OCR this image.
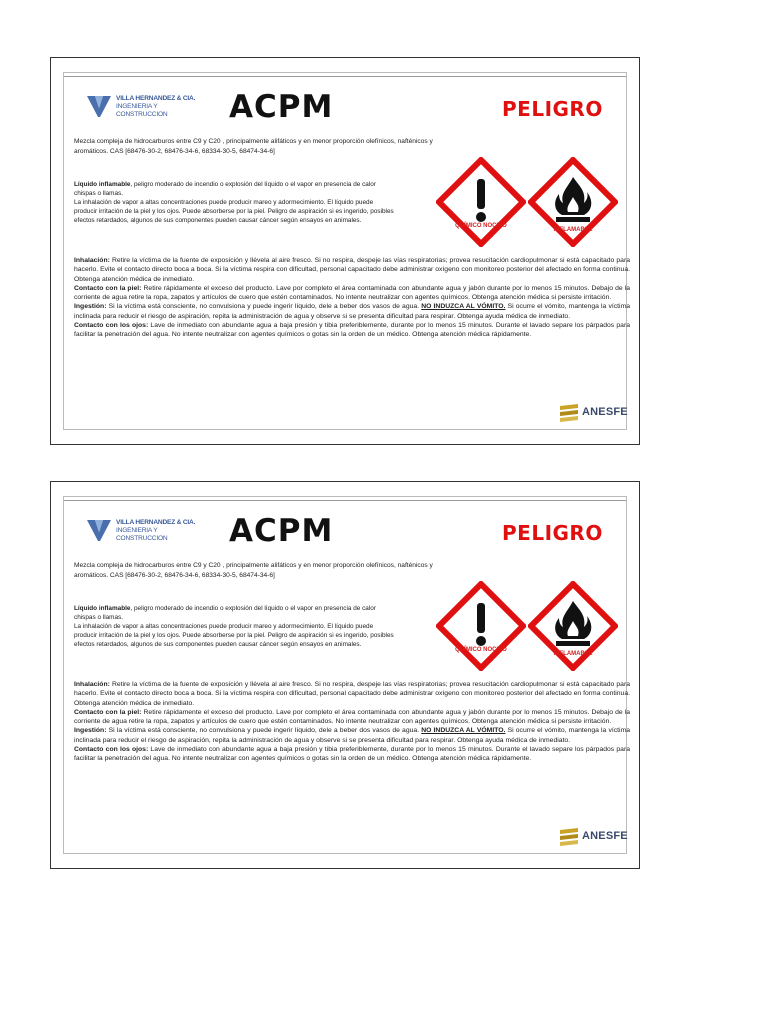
VILLA HERNANDEZ & CIA.
INGENIERIA Y CONSTRUCCION	ACPM	PELIGRO
Mezcla compleja de hidrocarburos entre C9 y C20 , principalmente alifáticos y en menor proporción olefínicos, nafténicos y aromáticos. CAS [68476-30-2, 68476-34-6, 68334-30-5, 68474-34-6]
Líquido inflamable, peligro moderado de incendio o explosión del líquido o el vapor en presencia de calor chispas o llamas.
La inhalación de vapor a altas concentraciones puede producir mareo y adormecimiento. El líquido puede producir irritación de la piel y los ojos. Puede absorberse por la piel. Peligro de aspiración si es ingerido, posibles efectos retardados, algunos de sus componentes pueden causar cáncer según ensayos en animales.
QUÍMICO NOCIVO
INFLAMABLE

Inhalación: Retire la víctima de la fuente de exposición y llévela al aire fresco. Si no respira, despeje las vías respiratorias; provea resucitación cardiopulmonar si está capacitado para hacerlo. Evite el contacto directo boca a boca. Si la víctima respira con dificultad, personal capacitado debe administrar oxígeno con monitoreo posterior del afectado en forma continua. Obtenga atención médica de inmediato.

Contacto con la piel: Retire rápidamente el exceso del producto. Lave por completo el área contaminada con abundante agua y jabón durante por lo menos 15 minutos. Debajo de la corriente de agua retire la ropa, zapatos y artículos de cuero que estén contaminados. No intente neutralizar con agentes químicos. Obtenga atención médica si persiste irritación.

Ingestión: Si la víctima está consciente, no convulsiona y puede ingerir líquido, dele a beber dos vasos de agua. NO INDUZCA AL VÓMITO. Si ocurre el vómito, mantenga la víctima inclinada para reducir el riesgo de aspiración, repita la administración de agua y observe si se presenta dificultad para respirar. Obtenga ayuda médica de inmediato.

Contacto con los ojos: Lave de inmediato con abundante agua a baja presión y tibia preferiblemente, durante por lo menos 15 minutos. Durante el lavado separe los párpados para facilitar la penetración del agua. No intente neutralizar con agentes químicos o gotas sin la orden de un médico. Obtenga atención médica rápidamente.

ANESFE
VILLA HERNANDEZ & CIA.
INGENIERIA Y CONSTRUCCION	ACPM	PELIGRO
Mezcla compleja de hidrocarburos entre C9 y C20 , principalmente alifáticos y en menor proporción olefínicos, nafténicos y aromáticos. CAS [68476-30-2, 68476-34-6, 68334-30-5, 68474-34-6]
Líquido inflamable, peligro moderado de incendio o explosión del líquido o el vapor en presencia de calor chispas o llamas.
La inhalación de vapor a altas concentraciones puede producir mareo y adormecimiento. El líquido puede producir irritación de la piel y los ojos. Puede absorberse por la piel. Peligro de aspiración si es ingerido, posibles efectos retardados, algunos de sus componentes pueden causar cáncer según ensayos en animales.
QUÍMICO NOCIVO
INFLAMABLE

Inhalación: Retire la víctima de la fuente de exposición y llévela al aire fresco. Si no respira, despeje las vías respiratorias; provea resucitación cardiopulmonar si está capacitado para hacerlo. Evite el contacto directo boca a boca. Si la víctima respira con dificultad, personal capacitado debe administrar oxígeno con monitoreo posterior del afectado en forma continua. Obtenga atención médica de inmediato.

Contacto con la piel: Retire rápidamente el exceso del producto. Lave por completo el área contaminada con abundante agua y jabón durante por lo menos 15 minutos. Debajo de la corriente de agua retire la ropa, zapatos y artículos de cuero que estén contaminados. No intente neutralizar con agentes químicos. Obtenga atención médica si persiste irritación.

Ingestión: Si la víctima está consciente, no convulsiona y puede ingerir líquido, dele a beber dos vasos de agua. NO INDUZCA AL VÓMITO. Si ocurre el vómito, mantenga la víctima inclinada para reducir el riesgo de aspiración, repita la administración de agua y observe si se presenta dificultad para respirar. Obtenga ayuda médica de inmediato.

Contacto con los ojos: Lave de inmediato con abundante agua a baja presión y tibia preferiblemente, durante por lo menos 15 minutos. Durante el lavado separe los párpados para facilitar la penetración del agua. No intente neutralizar con agentes químicos o gotas sin la orden de un médico. Obtenga atención médica rápidamente.

ANESFE
